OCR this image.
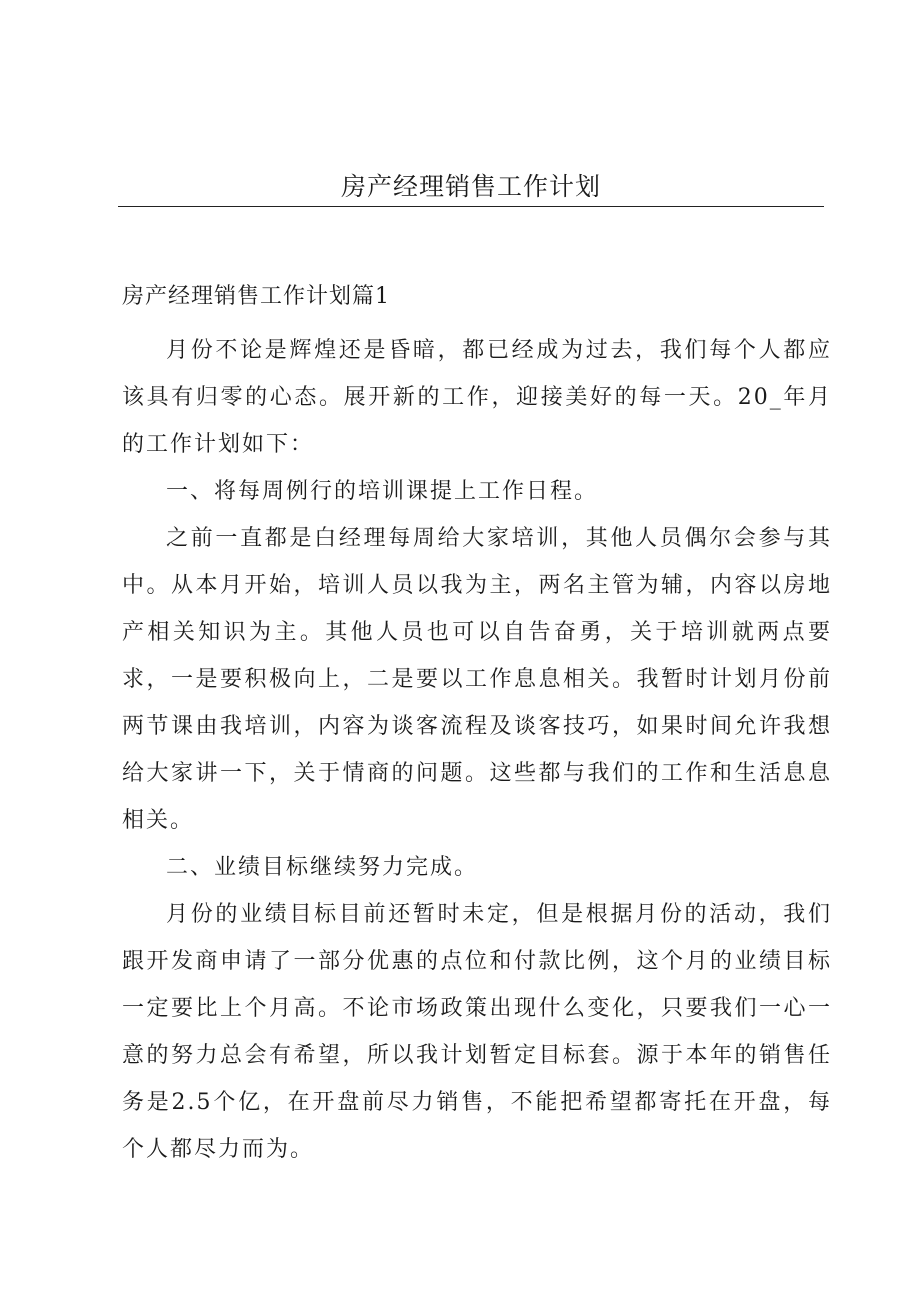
房产经理销售工作计划

房产经理销售工作计划篇1

月份不论是辉煌还是昏暗，都已经成为过去，我们每个人都应该具有归零的心态。展开新的工作，迎接美好的每一天。20_年月的工作计划如下：

一、将每周例行的培训课提上工作日程。

之前一直都是白经理每周给大家培训，其他人员偶尔会参与其中。从本月开始，培训人员以我为主，两名主管为辅，内容以房地产相关知识为主。其他人员也可以自告奋勇，关于培训就两点要求，一是要积极向上，二是要以工作息息相关。我暂时计划月份前两节课由我培训，内容为谈客流程及谈客技巧，如果时间允许我想给大家讲一下，关于情商的问题。这些都与我们的工作和生活息息相关。

二、业绩目标继续努力完成。

月份的业绩目标目前还暂时未定，但是根据月份的活动，我们跟开发商申请了一部分优惠的点位和付款比例，这个月的业绩目标一定要比上个月高。不论市场政策出现什么变化，只要我们一心一意的努力总会有希望，所以我计划暂定目标套。源于本年的销售任务是2.5个亿，在开盘前尽力销售，不能把希望都寄托在开盘，每个人都尽力而为。
